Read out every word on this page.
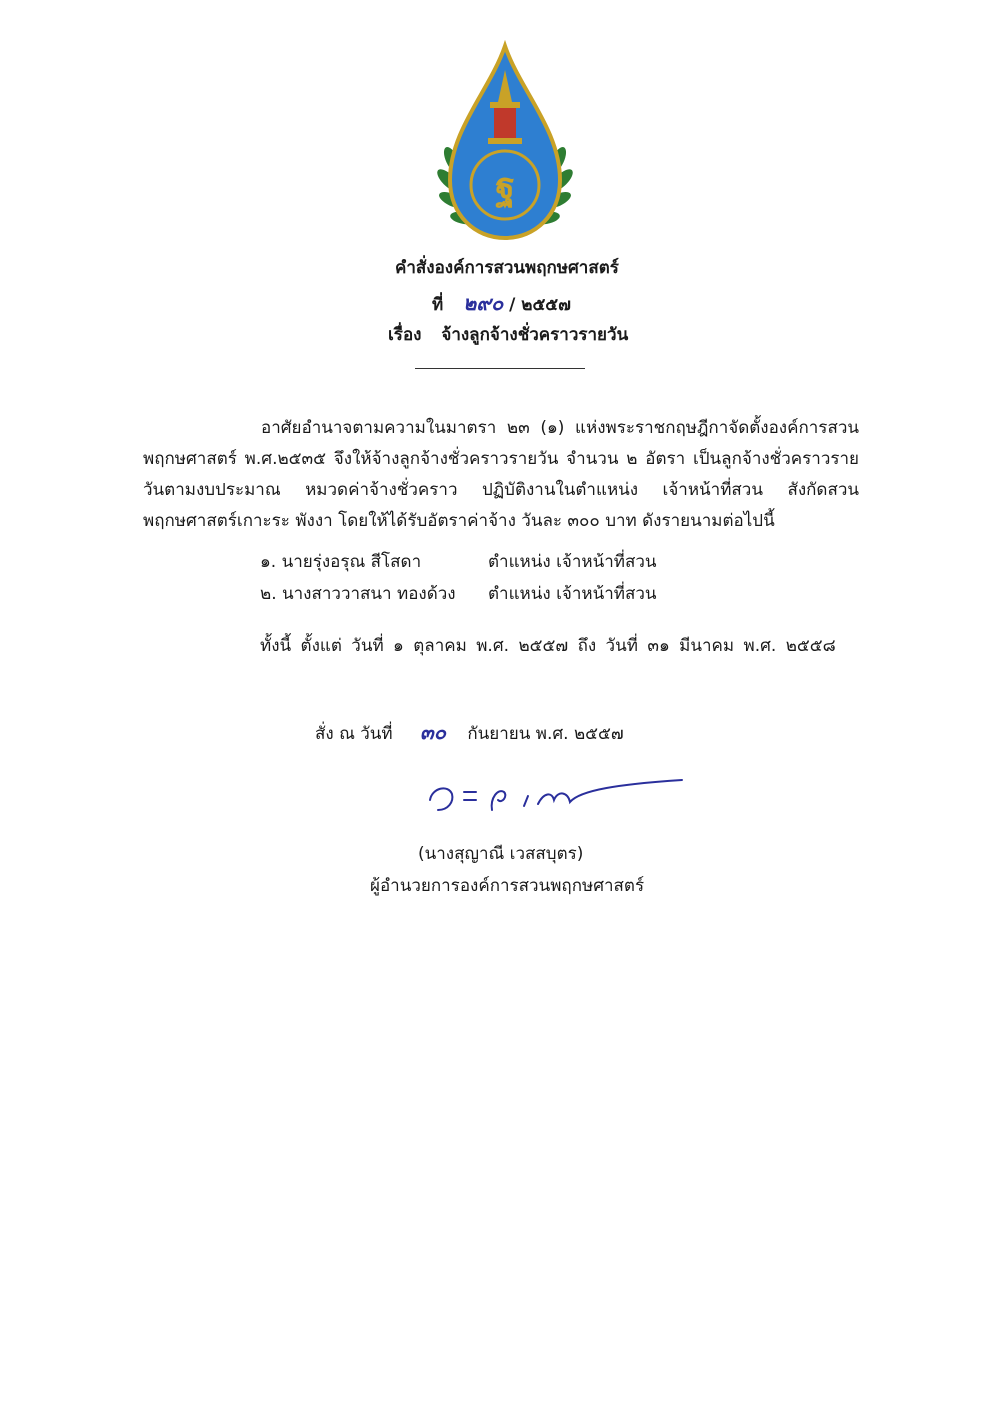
ฐ
คำสั่งองค์การสวนพฤกษศาสตร์
ที่ ๒๙๐ / ๒๕๕๗
เรื่อง จ้างลูกจ้างชั่วคราวรายวัน
อาศัยอำนาจตามความในมาตรา ๒๓ (๑) แห่งพระราชกฤษฎีกาจัดตั้งองค์การสวนพฤกษศาสตร์ พ.ศ.๒๕๓๕ จึงให้จ้างลูกจ้างชั่วคราวรายวัน จำนวน ๒ อัตรา เป็นลูกจ้างชั่วคราวรายวันตามงบประมาณ หมวดค่าจ้างชั่วคราว ปฏิบัติงานในตำแหน่ง เจ้าหน้าที่สวน สังกัดสวนพฤกษศาสตร์เกาะระ พังงา โดยให้ได้รับอัตราค่าจ้าง วันละ ๓๐๐ บาท ดังรายนามต่อไปนี้
๑. นายรุ่งอรุณ สีโสดา	ตำแหน่ง เจ้าหน้าที่สวน
๒. นางสาววาสนา ทองด้วง ตำแหน่ง เจ้าหน้าที่สวน
ทั้งนี้ ตั้งแต่ วันที่ ๑ ตุลาคม พ.ศ. ๒๕๕๗ ถึง วันที่ ๓๑ มีนาคม พ.ศ. ๒๕๕๘
สั่ง ณ วันที่ ๓๐ กันยายน พ.ศ. ๒๕๕๗
(นางสุญาณี เวสสบุตร)
ผู้อำนวยการองค์การสวนพฤกษศาสตร์
